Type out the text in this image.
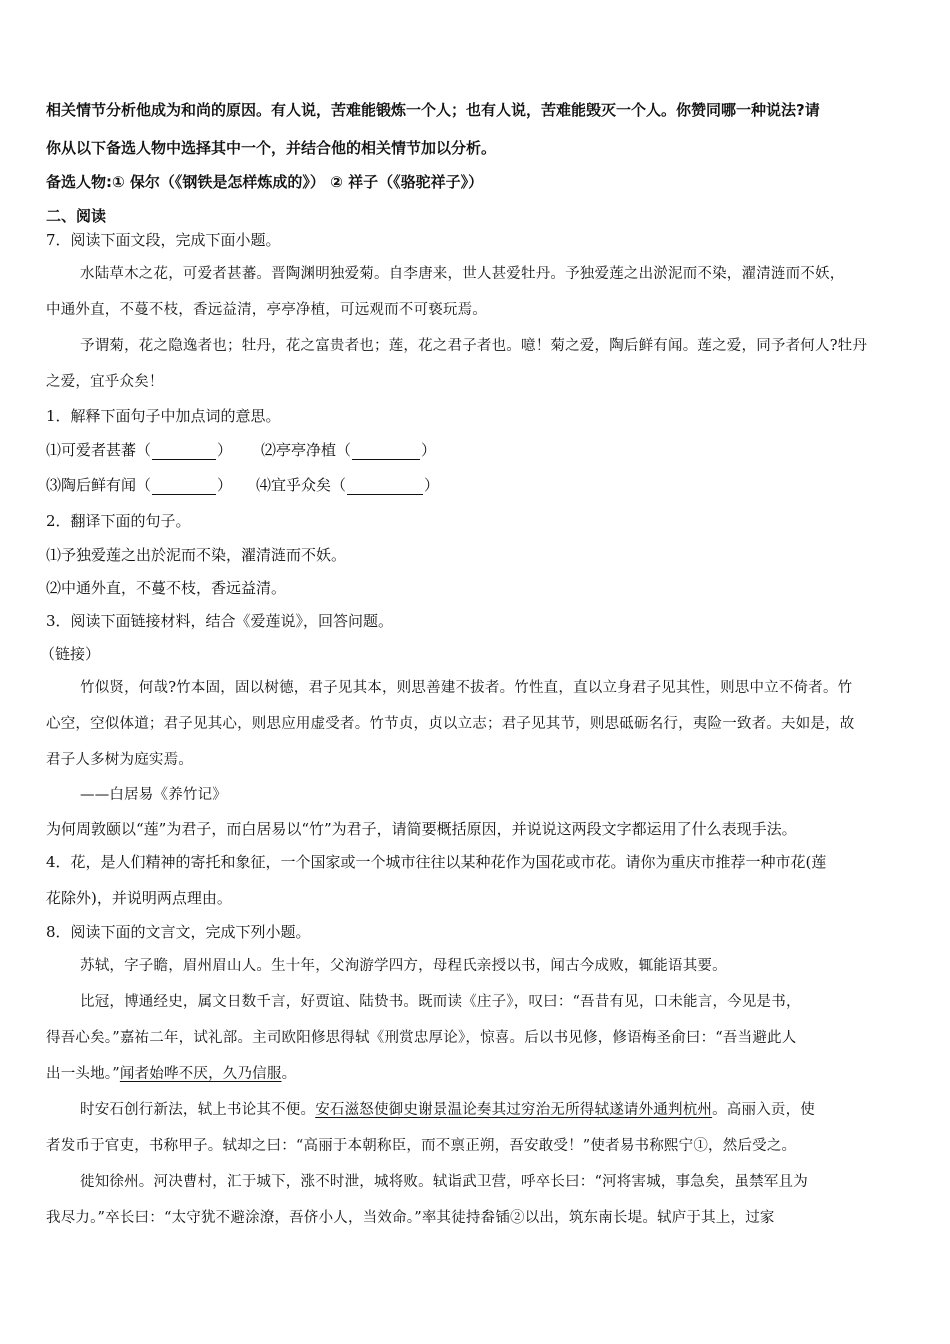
相关情节分析他成为和尚的原因。有人说，苦难能锻炼一个人；也有人说，苦难能毁灭一个人。你赞同哪一种说法?请
你从以下备选人物中选择其中一个，并结合他的相关情节加以分析。
备选人物:① 保尔（《钢铁是怎样炼成的》） ② 祥子（《骆驼祥子》）
二、阅读
7．阅读下面文段，完成下面小题。
水陆草木之花，可爱者甚蕃。晋陶渊明独爱菊。自李唐来，世人甚爱牡丹。予独爱莲之出淤泥而不染，濯清涟而不妖，
中通外直，不蔓不枝，香远益清，亭亭净植，可远观而不可亵玩焉。
予谓菊，花之隐逸者也；牡丹，花之富贵者也；莲，花之君子者也。噫！菊之爱，陶后鲜有闻。莲之爱，同予者何人?牡丹
之爱，宜乎众矣！
1．解释下面句子中加点词的意思。
⑴可爱者甚蕃（	） ⑵亭亭净植（	）
⑶陶后鲜有闻（	） ⑷宜乎众矣（	）
2．翻译下面的句子。
⑴予独爱莲之出於泥而不染，濯清涟而不妖。
⑵中通外直，不蔓不枝，香远益清。
3．阅读下面链接材料，结合《爱莲说》，回答问题。
（链接）
竹似贤，何哉?竹本固，固以树德，君子见其本，则思善建不拔者。竹性直，直以立身君子见其性，则思中立不倚者。竹
心空，空似体道；君子见其心，则思应用虚受者。竹节贞，贞以立志；君子见其节，则思砥砺名行，夷险一致者。夫如是，故
君子人多树为庭实焉。
——白居易《养竹记》
为何周敦颐以“莲”为君子，而白居易以“竹”为君子，请简要概括原因，并说说这两段文字都运用了什么表现手法。
4．花，是人们精神的寄托和象征，一个国家或一个城市往往以某种花作为国花或市花。请你为重庆市推荐一种市花(莲
花除外)，并说明两点理由。
8．阅读下面的文言文，完成下列小题。
苏轼，字子瞻，眉州眉山人。生十年，父洵游学四方，母程氏亲授以书，闻古今成败，辄能语其要。
比冠，博通经史，属文日数千言，好贾谊、陆贽书。既而读《庄子》，叹曰：“吾昔有见，口未能言，今见是书，
得吾心矣。”嘉祐二年，试礼部。主司欧阳修思得轼《刑赏忠厚论》，惊喜。后以书见修，修语梅圣俞曰：“吾当避此人
出一头地。”闻者始哗不厌，久乃信服。
时安石创行新法，轼上书论其不便。安石滋怒使御史谢景温论奏其过穷治无所得轼遂请外通判杭州。高丽入贡，使
者发币于官吏，书称甲子。轼却之曰：“高丽于本朝称臣，而不禀正朔，吾安敢受！”使者易书称熙宁①，然后受之。
徙知徐州。河决曹村，汇于城下，涨不时泄，城将败。轼诣武卫营，呼卒长曰：“河将害城，事急矣，虽禁军且为
我尽力。”卒长曰：“太守犹不避涂潦，吾侪小人，当效命。”率其徒持畚锸②以出，筑东南长堤。轼庐于其上，过家
